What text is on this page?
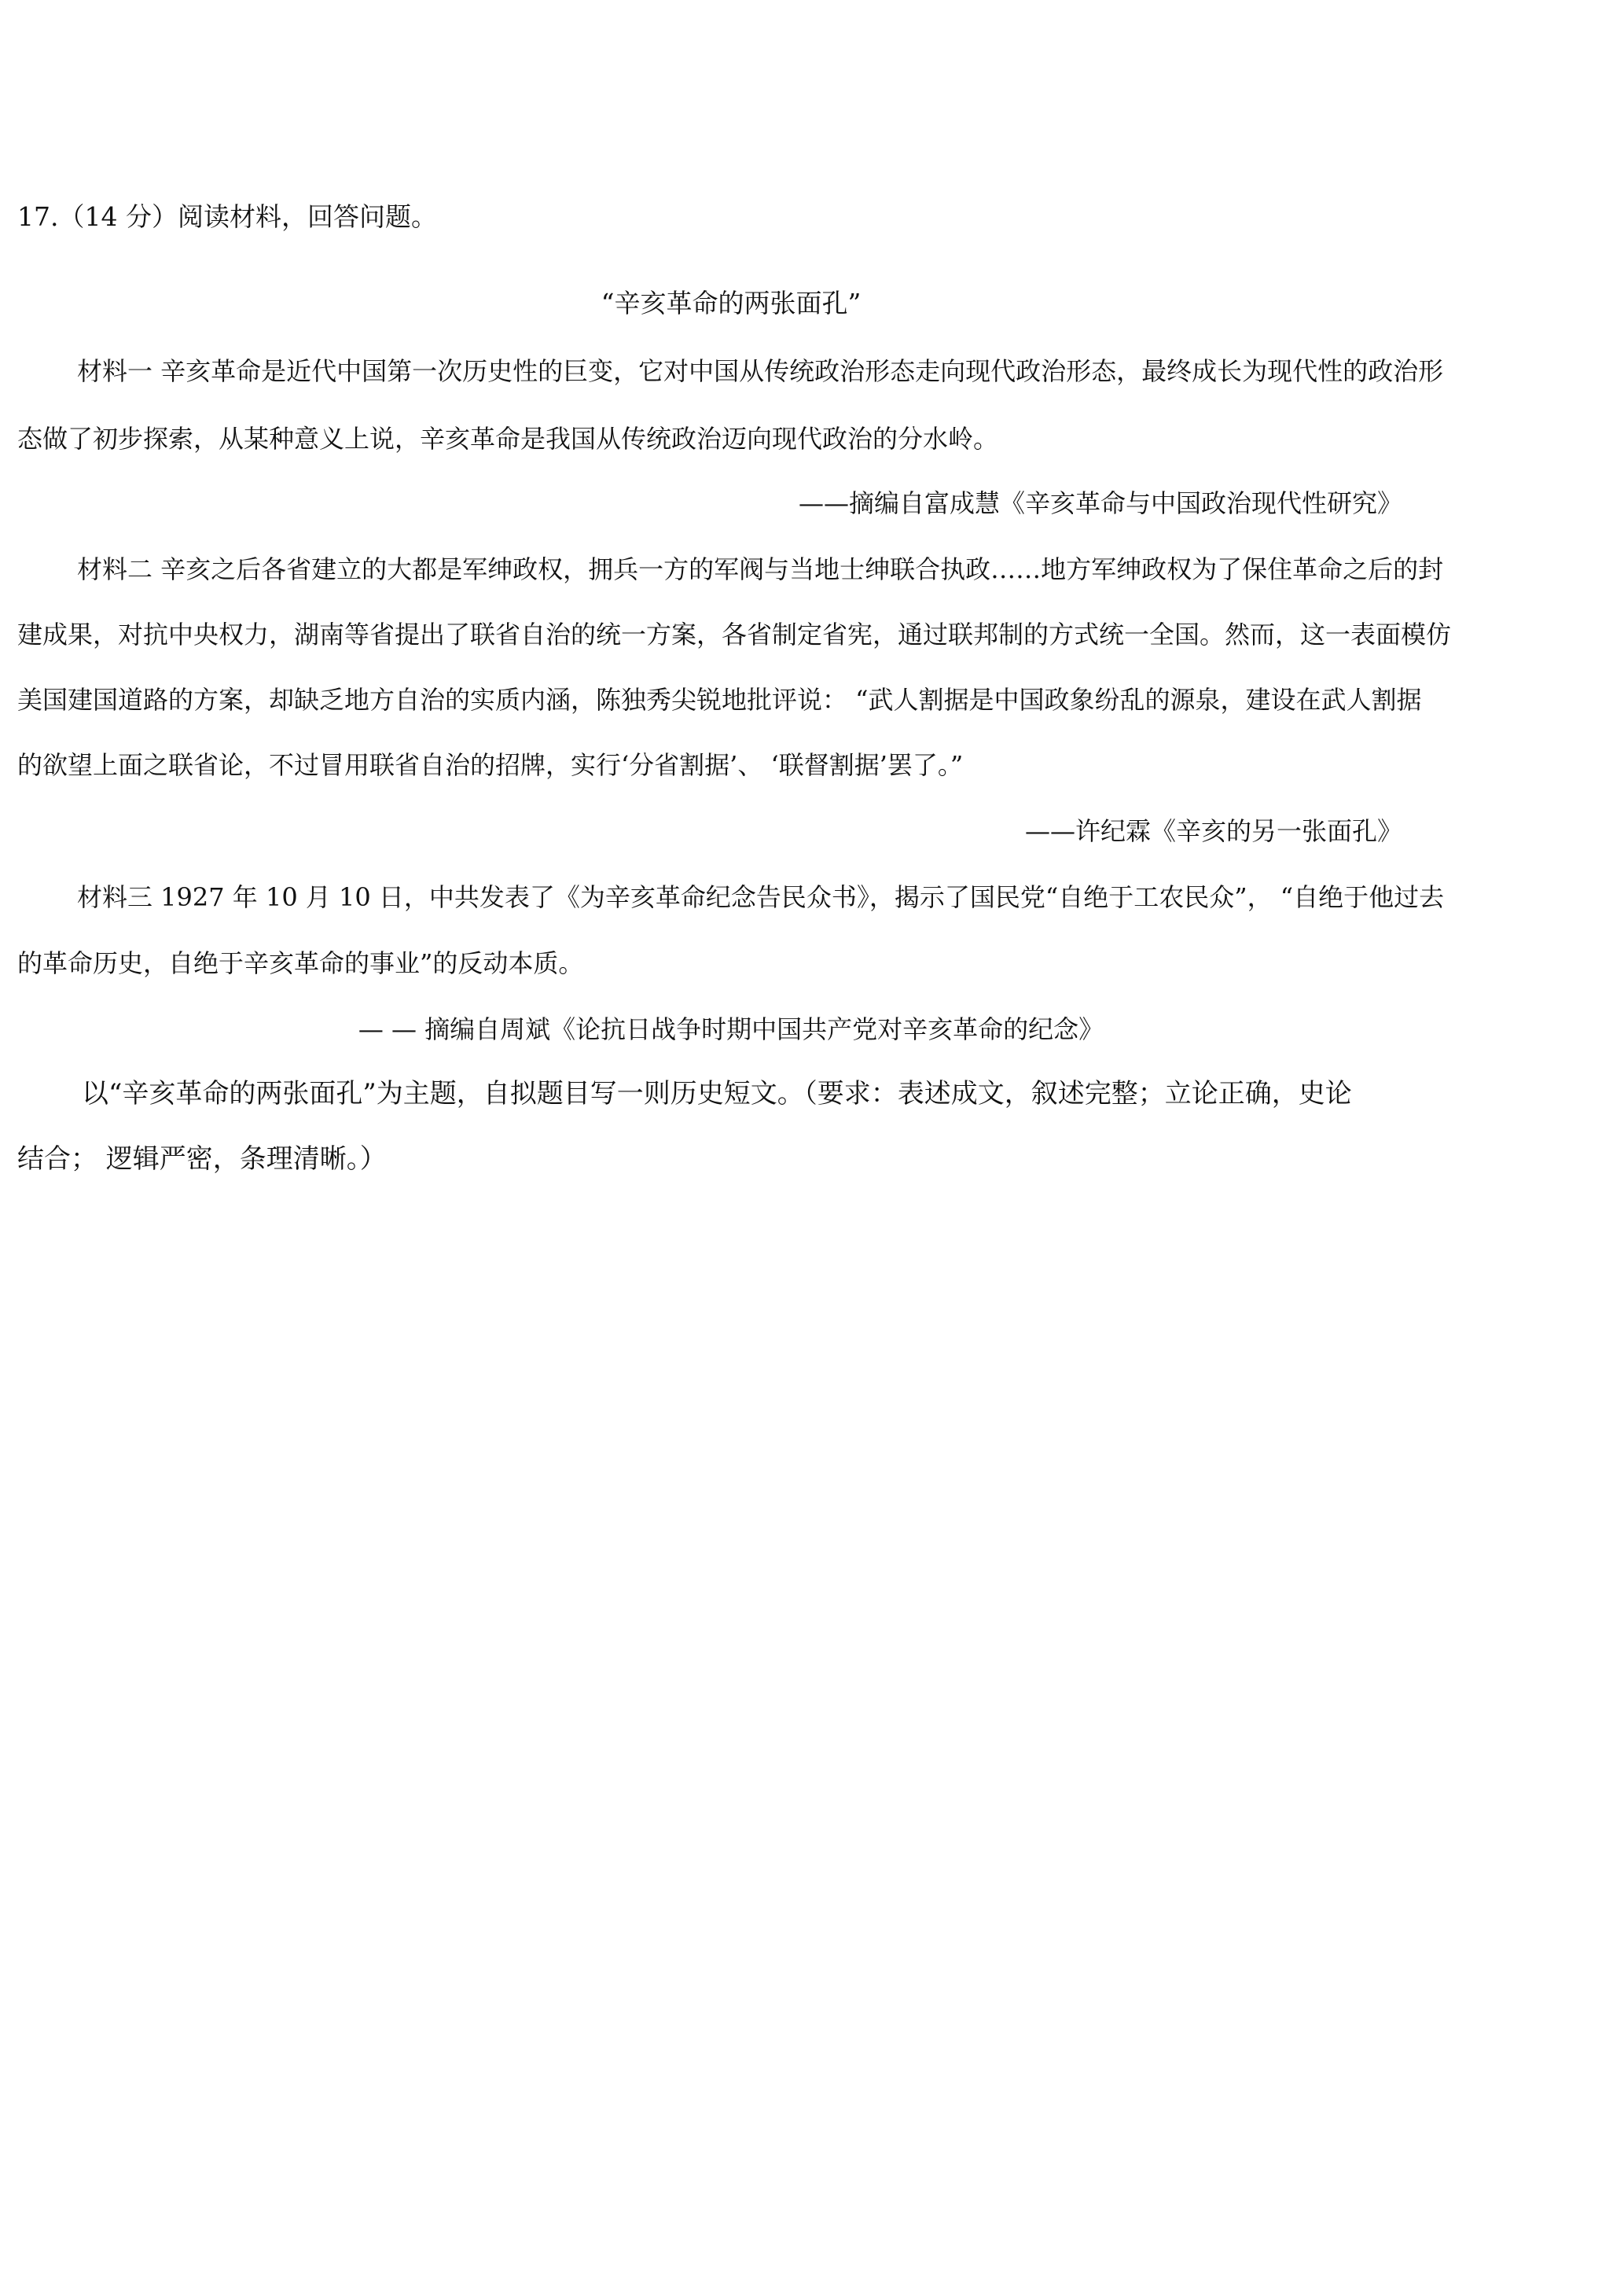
17.（14 分）阅读材料，回答问题。
“辛亥革命的两张面孔”
材料一 辛亥革命是近代中国第一次历史性的巨变，它对中国从传统政治形态走向现代政治形态，最终成长为现代性的政治形
态做了初步探索，从某种意义上说，辛亥革命是我国从传统政治迈向现代政治的分水岭。
——摘编自富成慧《辛亥革命与中国政治现代性研究》
材料二 辛亥之后各省建立的大都是军绅政权，拥兵一方的军阀与当地士绅联合执政……地方军绅政权为了保住革命之后的封
建成果，对抗中央权力，湖南等省提出了联省自治的统一方案，各省制定省宪，通过联邦制的方式统一全国。然而，这一表面模仿
美国建国道路的方案，却缺乏地方自治的实质内涵，陈独秀尖锐地批评说： “武人割据是中国政象纷乱的源泉，建设在武人割据
的欲望上面之联省论，不过冒用联省自治的招牌，实行‘分省割据’、 ‘联督割据’罢了。”
——许纪霖《辛亥的另一张面孔》
材料三 1927 年 10 月 10 日，中共发表了《为辛亥革命纪念告民众书》，揭示了国民党“自绝于工农民众”， “自绝于他过去
的革命历史，自绝于辛亥革命的事业”的反动本质。
— — 摘编自周斌《论抗日战争时期中国共产党对辛亥革命的纪念》
以“辛亥革命的两张面孔”为主题，自拟题目写一则历史短文。（要求：表述成文，叙述完整；立论正确，史论
结合； 逻辑严密，条理清晰。）
